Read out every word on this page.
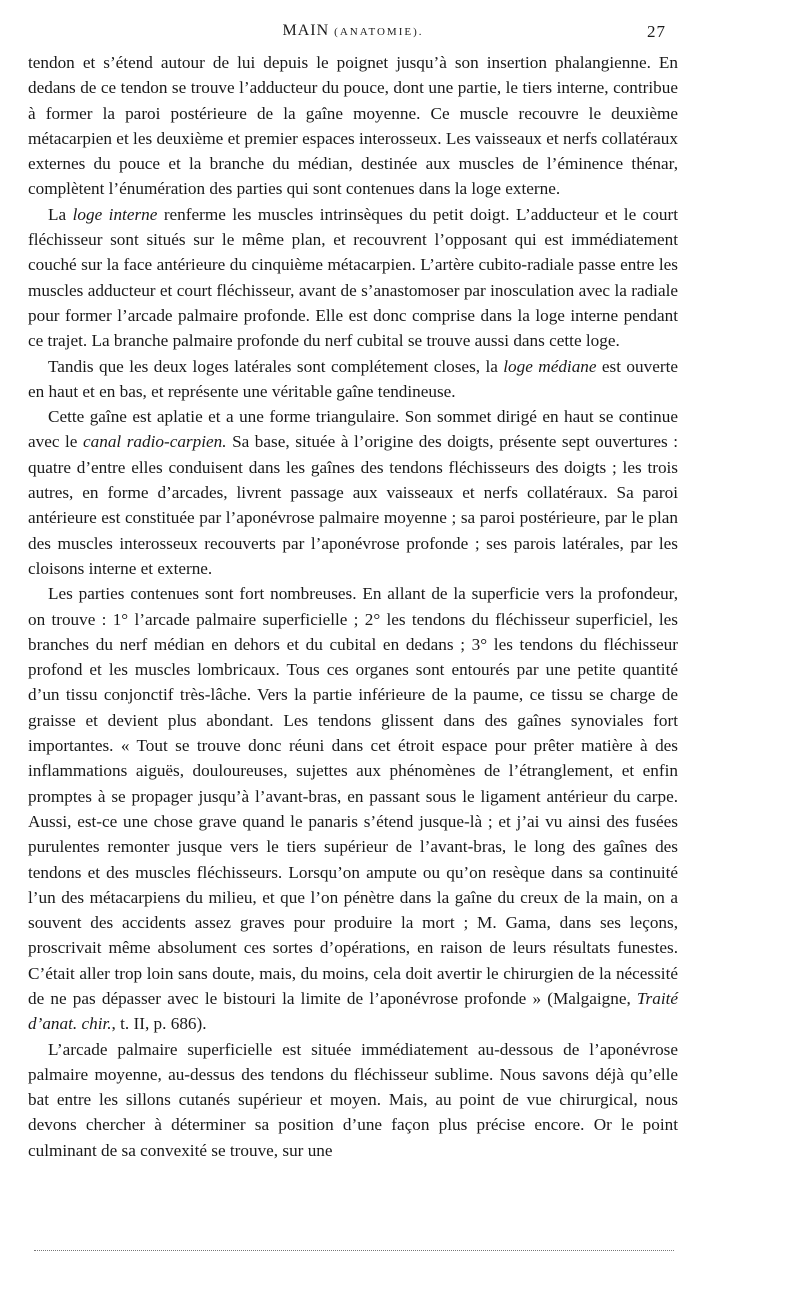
MAIN (ANATOMIE).	27

tendon et s’étend autour de lui depuis le poignet jusqu’à son insertion phalangienne. En dedans de ce tendon se trouve l’adducteur du pouce, dont une partie, le tiers interne, contribue à former la paroi postérieure de la gaîne moyenne. Ce muscle recouvre le deuxième métacarpien et les deuxième et premier espaces interosseux. Les vaisseaux et nerfs collatéraux externes du pouce et la branche du médian, destinée aux muscles de l’éminence thénar, complètent l’énumération des parties qui sont contenues dans la loge externe.

La loge interne renferme les muscles intrinsèques du petit doigt. L’adducteur et le court fléchisseur sont situés sur le même plan, et recouvrent l’opposant qui est immédiatement couché sur la face antérieure du cinquième métacarpien. L’artère cubito-radiale passe entre les muscles adducteur et court fléchisseur, avant de s’anastomoser par inosculation avec la radiale pour former l’arcade palmaire profonde. Elle est donc comprise dans la loge interne pendant ce trajet. La branche palmaire profonde du nerf cubital se trouve aussi dans cette loge.

Tandis que les deux loges latérales sont complétement closes, la loge médiane est ouverte en haut et en bas, et représente une véritable gaîne tendineuse.

Cette gaîne est aplatie et a une forme triangulaire. Son sommet dirigé en haut se continue avec le canal radio-carpien. Sa base, située à l’origine des doigts, présente sept ouvertures : quatre d’entre elles conduisent dans les gaînes des tendons fléchisseurs des doigts ; les trois autres, en forme d’arcades, livrent passage aux vaisseaux et nerfs collatéraux. Sa paroi antérieure est constituée par l’aponévrose palmaire moyenne ; sa paroi postérieure, par le plan des muscles interosseux recouverts par l’aponévrose profonde ; ses parois latérales, par les cloisons interne et externe.

Les parties contenues sont fort nombreuses. En allant de la superficie vers la profondeur, on trouve : 1° l’arcade palmaire superficielle ; 2° les tendons du fléchisseur superficiel, les branches du nerf médian en dehors et du cubital en dedans ; 3° les tendons du fléchisseur profond et les muscles lombricaux. Tous ces organes sont entourés par une petite quantité d’un tissu conjonctif très-lâche. Vers la partie inférieure de la paume, ce tissu se charge de graisse et devient plus abondant. Les tendons glissent dans des gaînes synoviales fort importantes. « Tout se trouve donc réuni dans cet étroit espace pour prêter matière à des inflammations aiguës, douloureuses, sujettes aux phénomènes de l’étranglement, et enfin promptes à se propager jusqu’à l’avant-bras, en passant sous le ligament antérieur du carpe. Aussi, est-ce une chose grave quand le panaris s’étend jusque-là ; et j’ai vu ainsi des fusées purulentes remonter jusque vers le tiers supérieur de l’avant-bras, le long des gaînes des tendons et des muscles fléchisseurs. Lorsqu’on ampute ou qu’on resèque dans sa continuité l’un des métacarpiens du milieu, et que l’on pénètre dans la gaîne du creux de la main, on a souvent des accidents assez graves pour produire la mort ; M. Gama, dans ses leçons, proscrivait même absolument ces sortes d’opérations, en raison de leurs résultats funestes. C’était aller trop loin sans doute, mais, du moins, cela doit avertir le chirurgien de la nécessité de ne pas dépasser avec le bistouri la limite de l’aponévrose profonde » (Malgaigne, Traité d’anat. chir., t. II, p. 686).

L’arcade palmaire superficielle est située immédiatement au-dessous de l’aponévrose palmaire moyenne, au-dessus des tendons du fléchisseur sublime. Nous savons déjà qu’elle bat entre les sillons cutanés supérieur et moyen. Mais, au point de vue chirurgical, nous devons chercher à déterminer sa position d’une façon plus précise encore. Or le point culminant de sa convexité se trouve, sur une
